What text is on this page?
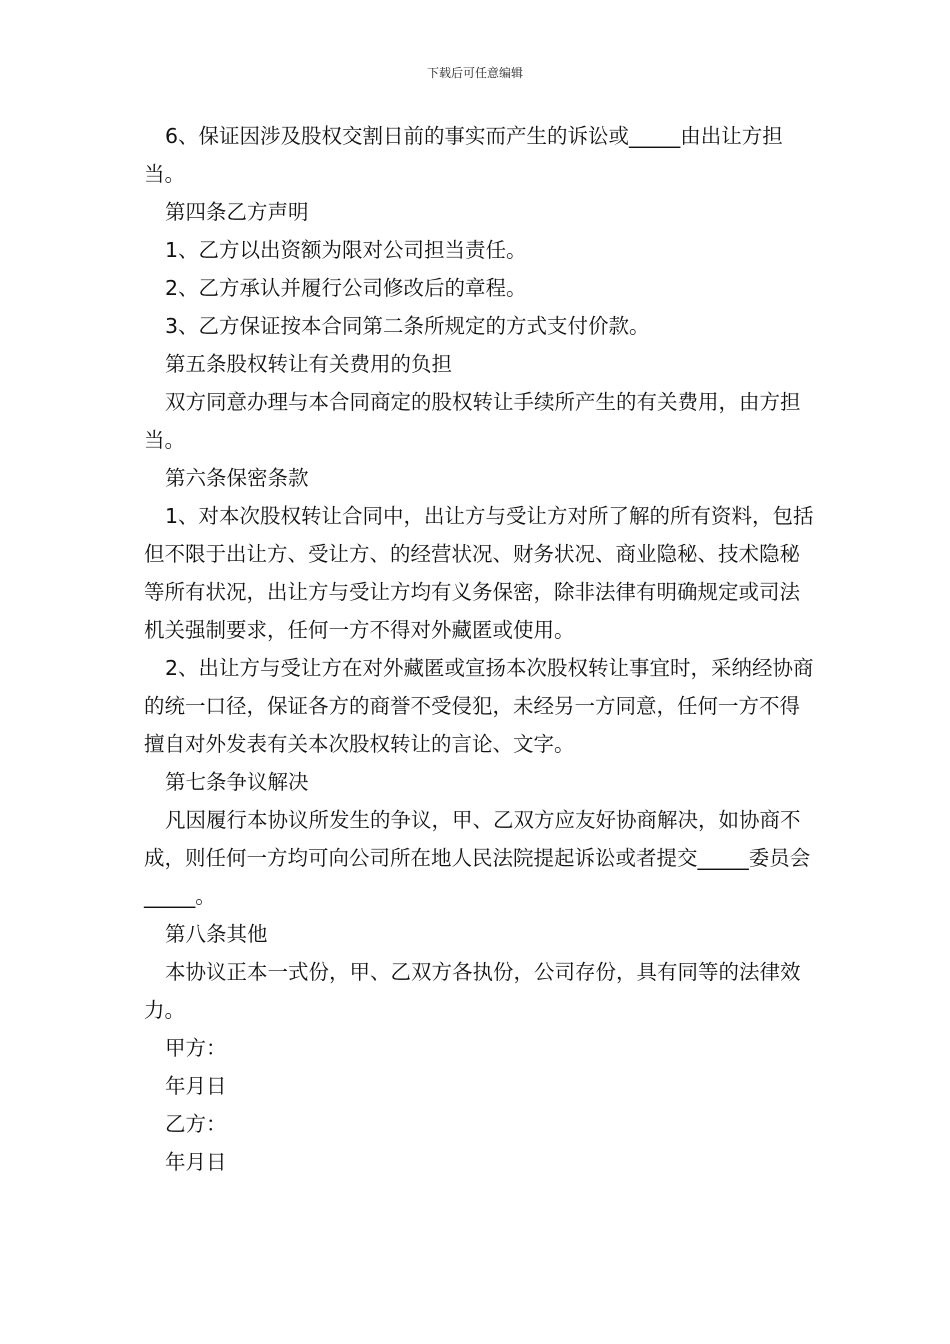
下载后可任意编辑

6、保证因涉及股权交割日前的事实而产生的诉讼或_____由出让方担当。

第四条乙方声明

1、乙方以出资额为限对公司担当责任。

2、乙方承认并履行公司修改后的章程。

3、乙方保证按本合同第二条所规定的方式支付价款。

第五条股权转让有关费用的负担

双方同意办理与本合同商定的股权转让手续所产生的有关费用，由方担当。

第六条保密条款

1、对本次股权转让合同中，出让方与受让方对所了解的所有资料，包括但不限于出让方、受让方、的经营状况、财务状况、商业隐秘、技术隐秘等所有状况，出让方与受让方均有义务保密，除非法律有明确规定或司法机关强制要求，任何一方不得对外藏匿或使用。

2、出让方与受让方在对外藏匿或宣扬本次股权转让事宜时，采纳经协商的统一口径，保证各方的商誉不受侵犯，未经另一方同意，任何一方不得擅自对外发表有关本次股权转让的言论、文字。

第七条争议解决

凡因履行本协议所发生的争议，甲、乙双方应友好协商解决，如协商不成，则任何一方均可向公司所在地人民法院提起诉讼或者提交_____委员会_____。

第八条其他

本协议正本一式份，甲、乙双方各执份，公司存份，具有同等的法律效力。

甲方：

年月日

乙方：

年月日
